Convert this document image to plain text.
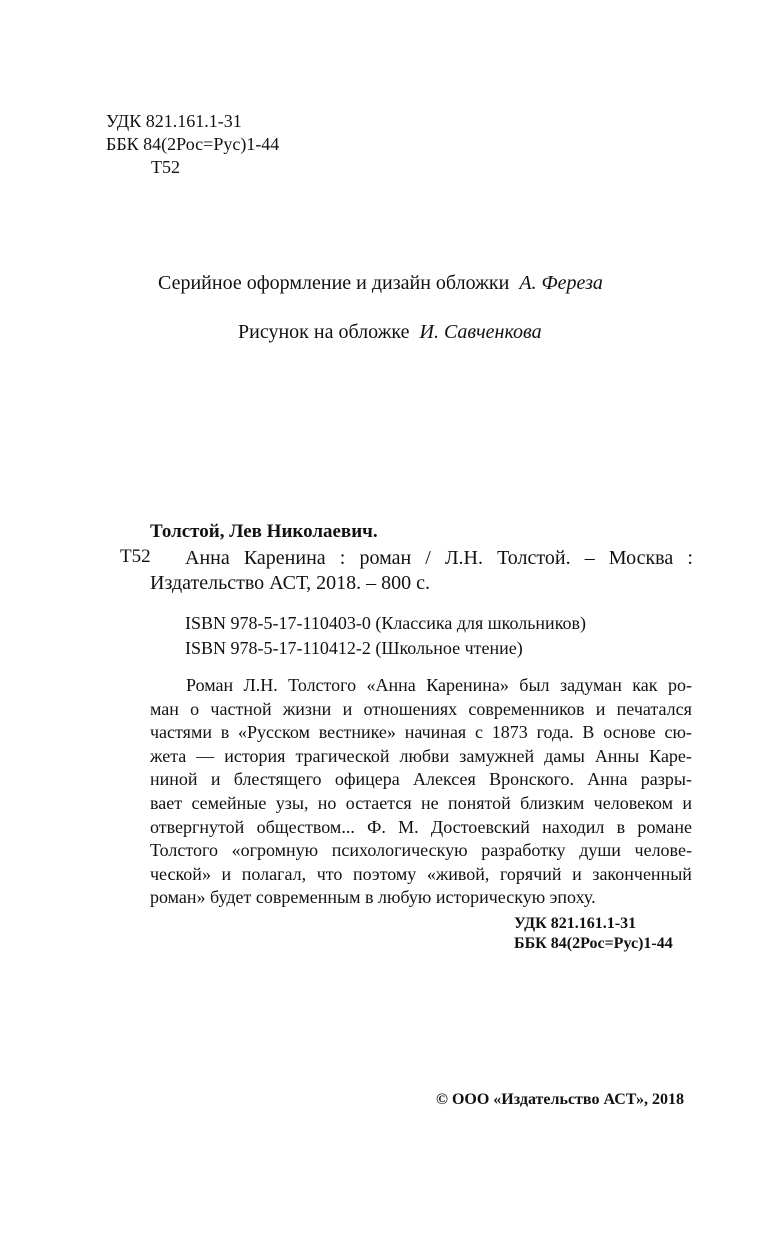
УДК 821.161.1-31
ББК 84(2Рос=Рус)1-44
Т52
Серийное оформление и дизайн обложки А. Фереза
Рисунок на обложке И. Савченкова
Толстой, Лев Николаевич.
Т52 Анна Каренина : роман / Л.Н. Толстой. – Москва :
Издательство АСТ, 2018. – 800 с.
ISBN 978-5-17-110403-0 (Классика для школьников)
ISBN 978-5-17-110412-2 (Школьное чтение)
Роман Л.Н. Толстого «Анна Каренина» был задуман как ро-
ман о частной жизни и отношениях современников и печатался
частями в «Русском вестнике» начиная с 1873 года. В основе сю-
жета — история трагической любви замужней дамы Анны Каре-
ниной и блестящего офицера Алексея Вронского. Анна разры-
вает семейные узы, но остается не понятой близким человеком и
отвергнутой обществом... Ф. М. Достоевский находил в романе
Толстого «огромную психологическую разработку души челове-
ческой» и полагал, что поэтому «живой, горячий и законченный
роман» будет современным в любую историческую эпоху.
УДК 821.161.1-31
ББК 84(2Рос=Рус)1-44
© ООО «Издательство АСТ», 2018
